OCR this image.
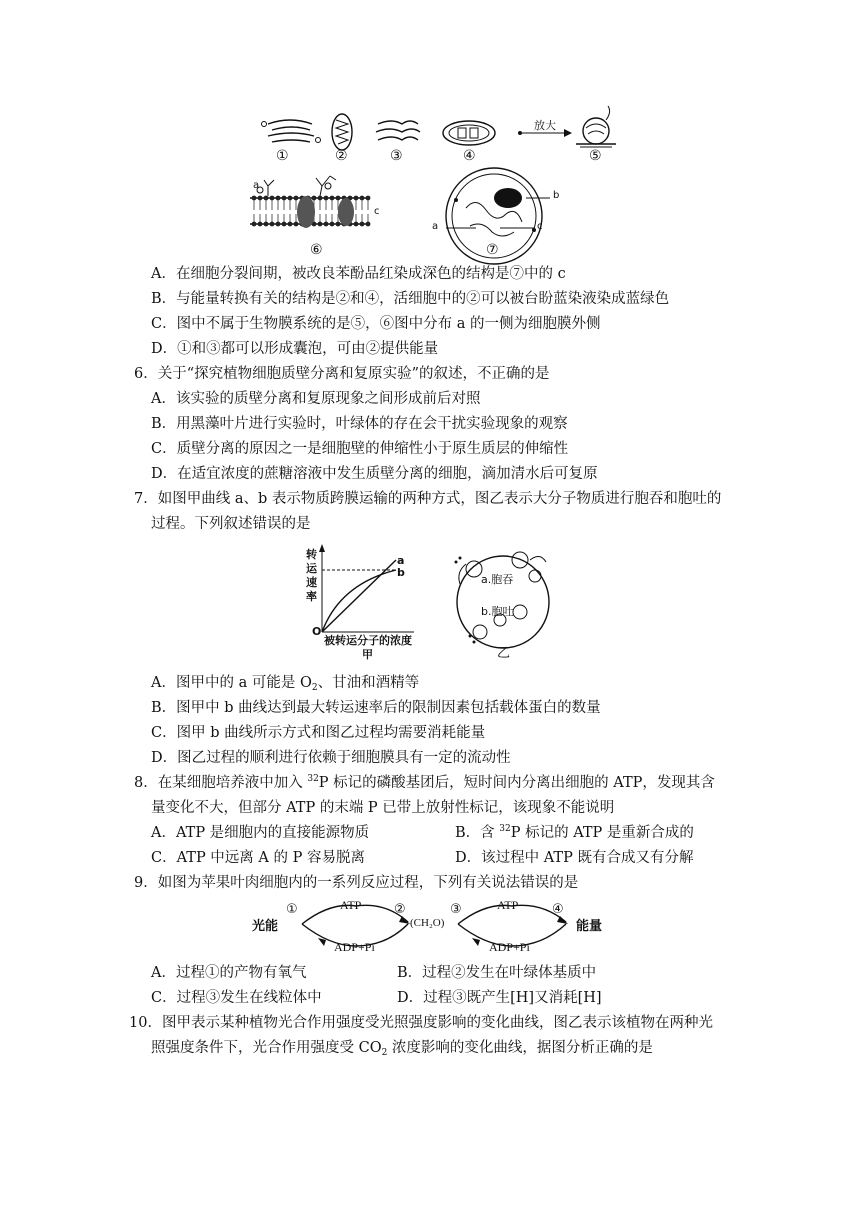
①	②	③	④
放大
⑤
⑥	⑦
a
c
b
a	c
A．在细胞分裂间期，被改良苯酚品红染成深色的结构是⑦中的 c
B．与能量转换有关的结构是②和④，活细胞中的②可以被台盼蓝染液染成蓝绿色
C．图中不属于生物膜系统的是⑤，⑥图中分布 a 的一侧为细胞膜外侧
D．①和③都可以形成囊泡，可由②提供能量
6．关于“探究植物细胞质壁分离和复原实验”的叙述，不正确的是
A．该实验的质壁分离和复原现象之间形成前后对照
B．用黑藻叶片进行实验时，叶绿体的存在会干扰实验现象的观察
C．质壁分离的原因之一是细胞壁的伸缩性小于原生质层的伸缩性
D．在适宜浓度的蔗糖溶液中发生质壁分离的细胞，滴加清水后可复原
7．如图甲曲线 a、b 表示物质跨膜运输的两种方式，图乙表示大分子物质进行胞吞和胞吐的
过程。下列叙述错误的是
转
运
速
率
O
被转运分子的浓度
甲
a
b
a.胞吞
b.胞吐
乙
A．图甲中的 a 可能是 $O_2$、甘油和酒精等
B．图甲中 b 曲线达到最大转运速率后的限制因素包括载体蛋白的数量
C．图甲 b 曲线所示方式和图乙过程均需要消耗能量
D．图乙过程的顺利进行依赖于细胞膜具有一定的流动性
8．在某细胞培养液中加入 $^{32}$P 标记的磷酸基团后，短时间内分离出细胞的 ATP，发现其含
量变化不大，但部分 ATP 的末端 P 已带上放射性标记，该现象不能说明
A．ATP 是细胞内的直接能源物质	B．含 $^{32}$P 标记的 ATP 是重新合成的
C．ATP 中远离 A 的 P 容易脱离	D．该过程中 ATP 既有合成又有分解
9．如图为苹果叶肉细胞内的一系列反应过程，下列有关说法错误的是
光能
①	ATP
ADP+Pi
②
(CH₂O)
③	ATP
ADP+Pi
④
能量
A．过程①的产物有氧气	B．过程②发生在叶绿体基质中
C．过程③发生在线粒体中	D．过程③既产生[H]又消耗[H]
10．图甲表示某种植物光合作用强度受光照强度影响的变化曲线，图乙表示该植物在两种光
照强度条件下，光合作用强度受 $CO_2$ 浓度影响的变化曲线，据图分析正确的是
